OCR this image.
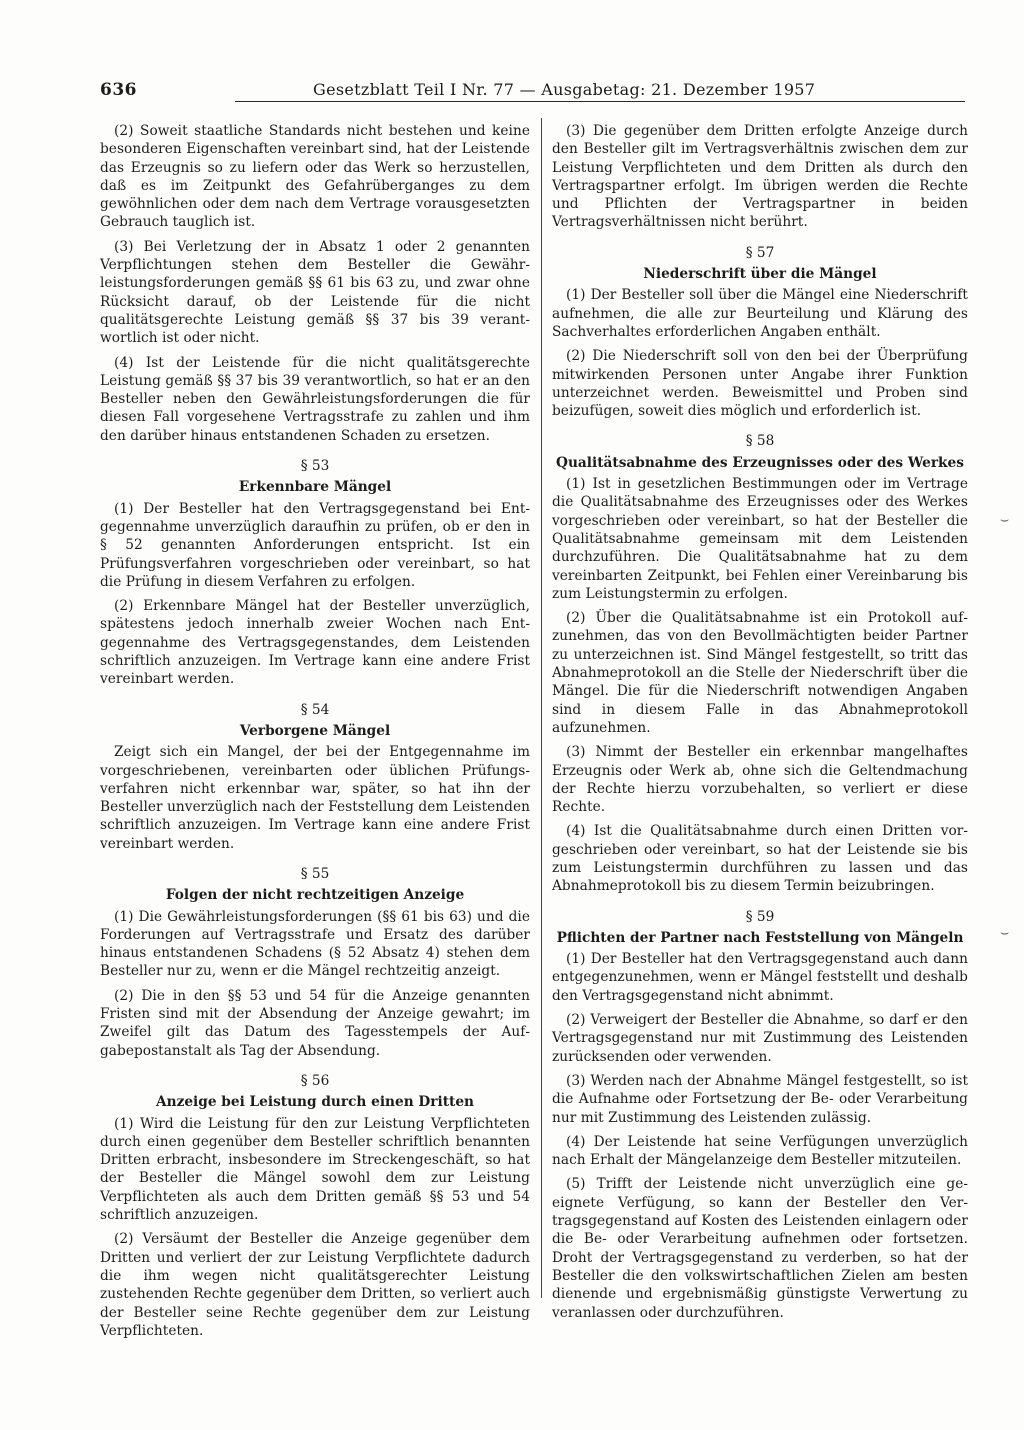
636	Gesetzblatt Teil I Nr. 77 — Ausgabetag: 21. Dezember 1957

(2) Soweit staatliche Standards nicht bestehen und keine besonderen Eigenschaften vereinbart sind, hat der Leistende das Erzeugnis so zu liefern oder das Werk so herzustellen, daß es im Zeitpunkt des Gefahrüberganges zu dem gewöhnlichen oder dem nach dem Vertrage vorausgesetzten Gebrauch tauglich ist.

(3) Bei Verletzung der in Absatz 1 oder 2 genannten Verpflichtungen stehen dem Besteller die Gewährleistungsforderungen gemäß §§ 61 bis 63 zu, und zwar ohne Rücksicht darauf, ob der Leistende für die nicht qualitätsgerechte Leistung gemäß §§ 37 bis 39 verantwortlich ist oder nicht.

(4) Ist der Leistende für die nicht qualitätsgerechte Leistung gemäß §§ 37 bis 39 verantwortlich, so hat er an den Besteller neben den Gewährleistungsforderungen die für diesen Fall vorgesehene Vertragsstrafe zu zahlen und ihm den darüber hinaus entstandenen Schaden zu ersetzen.

§ 53
Erkennbare Mängel

(1) Der Besteller hat den Vertragsgegenstand bei Entgegennahme unverzüglich daraufhin zu prüfen, ob er den in § 52 genannten Anforderungen entspricht. Ist ein Prüfungsverfahren vorgeschrieben oder vereinbart, so hat die Prüfung in diesem Verfahren zu erfolgen.

(2) Erkennbare Mängel hat der Besteller unverzüglich, spätestens jedoch innerhalb zweier Wochen nach Entgegennahme des Vertragsgegenstandes, dem Leistenden schriftlich anzuzeigen. Im Vertrage kann eine andere Frist vereinbart werden.

§ 54
Verborgene Mängel

Zeigt sich ein Mangel, der bei der Entgegennahme im vorgeschriebenen, vereinbarten oder üblichen Prüfungsverfahren nicht erkennbar war, später, so hat ihn der Besteller unverzüglich nach der Feststellung dem Leistenden schriftlich anzuzeigen. Im Vertrage kann eine andere Frist vereinbart werden.

§ 55
Folgen der nicht rechtzeitigen Anzeige

(1) Die Gewährleistungsforderungen (§§ 61 bis 63) und die Forderungen auf Vertragsstrafe und Ersatz des darüber hinaus entstandenen Schadens (§ 52 Absatz 4) stehen dem Besteller nur zu, wenn er die Mängel rechtzeitig anzeigt.

(2) Die in den §§ 53 und 54 für die Anzeige genannten Fristen sind mit der Absendung der Anzeige gewahrt; im Zweifel gilt das Datum des Tagesstempels der Aufgabepostanstalt als Tag der Absendung.

§ 56
Anzeige bei Leistung durch einen Dritten

(1) Wird die Leistung für den zur Leistung Verpflichteten durch einen gegenüber dem Besteller schriftlich benannten Dritten erbracht, insbesondere im Streckengeschäft, so hat der Besteller die Mängel sowohl dem zur Leistung Verpflichteten als auch dem Dritten gemäß §§ 53 und 54 schriftlich anzuzeigen.

(2) Versäumt der Besteller die Anzeige gegenüber dem Dritten und verliert der zur Leistung Verpflichtete dadurch die ihm wegen nicht qualitätsgerechter Leistung zustehenden Rechte gegenüber dem Dritten, so verliert auch der Besteller seine Rechte gegenüber dem zur Leistung Verpflichteten.

(3) Die gegenüber dem Dritten erfolgte Anzeige durch den Besteller gilt im Vertragsverhältnis zwischen dem zur Leistung Verpflichteten und dem Dritten als durch den Vertragspartner erfolgt. Im übrigen werden die Rechte und Pflichten der Vertragspartner in beiden Vertragsverhältnissen nicht berührt.

§ 57
Niederschrift über die Mängel

(1) Der Besteller soll über die Mängel eine Niederschrift aufnehmen, die alle zur Beurteilung und Klärung des Sachverhaltes erforderlichen Angaben enthält.

(2) Die Niederschrift soll von den bei der Überprüfung mitwirkenden Personen unter Angabe ihrer Funktion unterzeichnet werden. Beweismittel und Proben sind beizufügen, soweit dies möglich und erforderlich ist.

§ 58
Qualitätsabnahme des Erzeugnisses oder des Werkes

(1) Ist in gesetzlichen Bestimmungen oder im Vertrage die Qualitätsabnahme des Erzeugnisses oder des Werkes vorgeschrieben oder vereinbart, so hat der Besteller die Qualitätsabnahme gemeinsam mit dem Leistenden durchzuführen. Die Qualitätsabnahme hat zu dem vereinbarten Zeitpunkt, bei Fehlen einer Vereinbarung bis zum Leistungstermin zu erfolgen.

(2) Über die Qualitätsabnahme ist ein Protokoll aufzunehmen, das von den Bevollmächtigten beider Partner zu unterzeichnen ist. Sind Mängel festgestellt, so tritt das Abnahmeprotokoll an die Stelle der Niederschrift über die Mängel. Die für die Niederschrift notwendigen Angaben sind in diesem Falle in das Abnahmeprotokoll aufzunehmen.

(3) Nimmt der Besteller ein erkennbar mangelhaftes Erzeugnis oder Werk ab, ohne sich die Geltendmachung der Rechte hierzu vorzubehalten, so verliert er diese Rechte.

(4) Ist die Qualitätsabnahme durch einen Dritten vorgeschrieben oder vereinbart, so hat der Leistende sie bis zum Leistungstermin durchführen zu lassen und das Abnahmeprotokoll bis zu diesem Termin beizubringen.

§ 59
Pflichten der Partner nach Feststellung von Mängeln

(1) Der Besteller hat den Vertragsgegenstand auch dann entgegenzunehmen, wenn er Mängel feststellt und deshalb den Vertragsgegenstand nicht abnimmt.

(2) Verweigert der Besteller die Abnahme, so darf er den Vertragsgegenstand nur mit Zustimmung des Leistenden zurücksenden oder verwenden.

(3) Werden nach der Abnahme Mängel festgestellt, so ist die Aufnahme oder Fortsetzung der Be- oder Verarbeitung nur mit Zustimmung des Leistenden zulässig.

(4) Der Leistende hat seine Verfügungen unverzüglich nach Erhalt der Mängelanzeige dem Besteller mitzuteilen.

(5) Trifft der Leistende nicht unverzüglich eine geeignete Verfügung, so kann der Besteller den Vertragsgegenstand auf Kosten des Leistenden einlagern oder die Be- oder Verarbeitung aufnehmen oder fortsetzen. Droht der Vertragsgegenstand zu verderben, so hat der Besteller die den volkswirtschaftlichen Zielen am besten dienende und ergebnismäßig günstigste Verwertung zu veranlassen oder durchzuführen.

⌣
⌣
